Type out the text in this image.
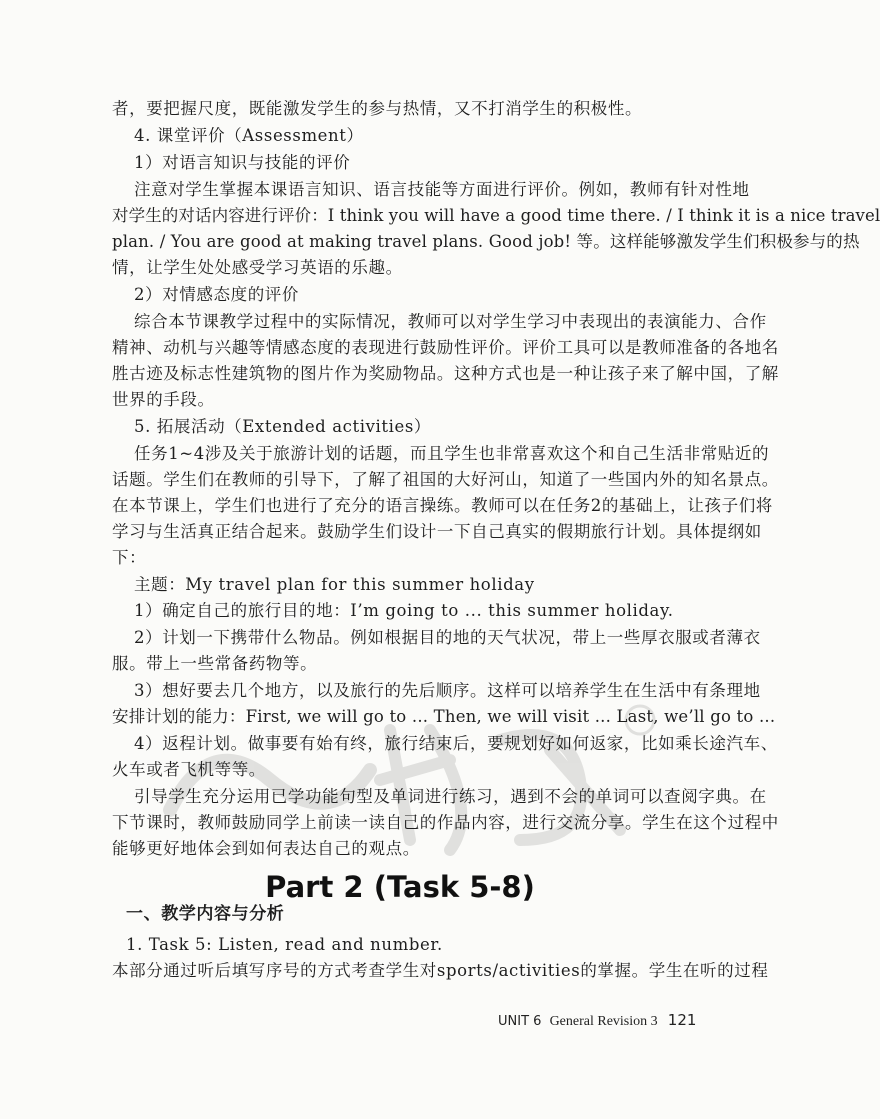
者，要把握尺度，既能激发学生的参与热情，又不打消学生的积极性。
4. 课堂评价（Assessment）
1）对语言知识与技能的评价
注意对学生掌握本课语言知识、语言技能等方面进行评价。例如，教师有针对性地
对学生的对话内容进行评价：I think you will have a good time there. / I think it is a nice travel
plan. / You are good at making travel plans. Good job! 等。这样能够激发学生们积极参与的热
情，让学生处处感受学习英语的乐趣。
2）对情感态度的评价
综合本节课教学过程中的实际情况，教师可以对学生学习中表现出的表演能力、合作
精神、动机与兴趣等情感态度的表现进行鼓励性评价。评价工具可以是教师准备的各地名
胜古迹及标志性建筑物的图片作为奖励物品。这种方式也是一种让孩子来了解中国，了解
世界的手段。
5. 拓展活动（Extended activities）
任务1~4涉及关于旅游计划的话题，而且学生也非常喜欢这个和自己生活非常贴近的
话题。学生们在教师的引导下，了解了祖国的大好河山，知道了一些国内外的知名景点。
在本节课上，学生们也进行了充分的语言操练。教师可以在任务2的基础上，让孩子们将
学习与生活真正结合起来。鼓励学生们设计一下自己真实的假期旅行计划。具体提纲如
下：
主题：My travel plan for this summer holiday
1）确定自己的旅行目的地：I’m going to ... this summer holiday.
2）计划一下携带什么物品。例如根据目的地的天气状况，带上一些厚衣服或者薄衣
服。带上一些常备药物等。
3）想好要去几个地方，以及旅行的先后顺序。这样可以培养学生在生活中有条理地
安排计划的能力：First, we will go to ... Then, we will visit ... Last, we’ll go to ...
4）返程计划。做事要有始有终，旅行结束后，要规划好如何返家，比如乘长途汽车、
火车或者飞机等等。
引导学生充分运用已学功能句型及单词进行练习，遇到不会的单词可以查阅字典。在
下节课时，教师鼓励同学上前读一读自己的作品内容，进行交流分享。学生在这个过程中
能够更好地体会到如何表达自己的观点。
Part 2 (Task 5-8)
一、教学内容与分析
1. Task 5: Listen, read and number.
本部分通过听后填写序号的方式考查学生对sports/activities的掌握。学生在听的过程
UNIT 6 General Revision 3 121
